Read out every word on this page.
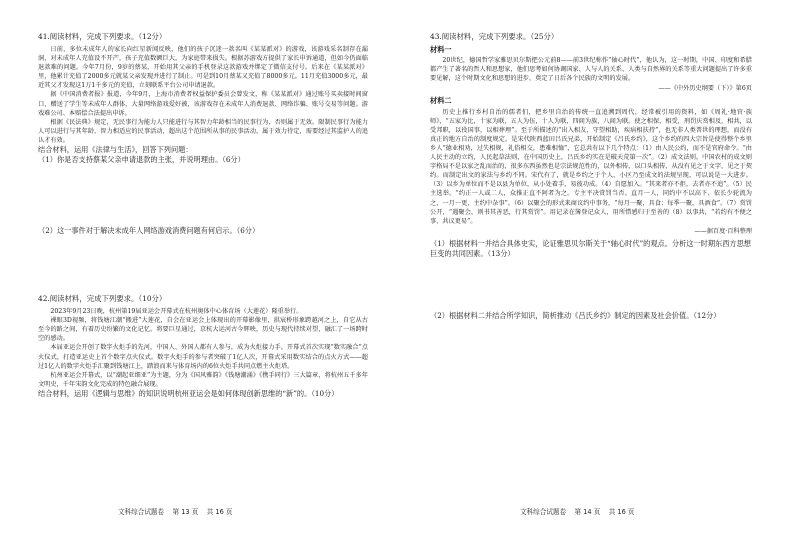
41.阅读材料，完成下列要求。（12分）

日前，多位未成年人的家长向红星新闻反映，他们的孩子沉迷一款名叫《某某派对》的游戏，该游戏采名制存在漏洞，对未成年人充值设不开产，孩子充值数额巨大，为家庭带来损失。根据苏游戏方提供了家长申诉通道，但如今仍面临退款难的问题。今年7月份，9岁的蔡某，开始用其父亲的手机登录这款游戏并绑定了微信支付号。后来在《某某派对》里，他累计充值了2000多元就某父亲发现并进行了制止。可是到10月蔡某又充值了8000多元。11月充值3000多元，最近其父才发现这1万1千多元的充值，立刻联系平台公司申请退款。

据《中国消费者报》报道，今年9月，上海市消费者权益保护委员会曾发文，称《某某派对》通过账号买卖接时间窗口，赠送了学生等未成年人群体，大量网络游戏爱好被，该游戏存在未成年人消费退款、网络诈骗、账号交易等问题。游戏难公司、本赔偿合法提出申诉。

根据《民法典》规定，无民事行为能力人只能进行与其智力年龄相当的民事行为，否则属于无效。限制民事行为能力人可以进行与其年龄、智力相适应的民事活动，超出这个范围所从事的民事活动，属于效力待定，需要经过其监护人的追认才有效。

结合材料，运用《法律与生活》，回答下列问题：
（1）你是否支持蔡某父亲申请退款的主张，并说明理由。（6分）
（2）这一事件对于解决未成年人网络游戏消费问题有何启示。（6分）
42.阅读材料，完成下列要求。（10分）

2023年9月23日晚，杭州第19届亚运会开幕式在杭州奥体中心体育场（大莲花）隆重举行。

裸眼3D视频，将钱塘江潮“搬进”大莲花，自会在亚运会上体现出的开幕影像里，拱宸桥形象跨越河之上，自它从古至今的路之间，有着历史纷繁的文化记忆。将要巨星通过，京杭大运河古今辉映，历史与现代持续对望，融汇了一场跨时空的感动。

本届亚运会开创了数字火炬手的先河，中国人、外国人都有人参与，成为火炬接力手。开幕式首次实现“数实融合”点火仪式，打造亚运史上首个数字点火仪式。数字火炬手的参与者突破了1亿人次，开幕式采用数实结合的点火方式——超过1亿人的数字火炬手汇聚到钱塘江上，踏浪而来与体育场内的6位火炬手共同点燃主火炬塔。

杭州亚运会开幕式，以“潮起亚细亚”为主题，分为《国风雅韵》《钱塘潮涌》《携手同行》三大篇章，将杭州五千多年文明史，千年宋韵文化完成的特色融合展现。

结合材料，运用《逻辑与思维》的知识说明杭州亚运会是如何体现创新思维的“新”的。（10分）
文科综合试题卷    第 13 页    共 16 页
43.阅读材料，完成下列要求。（25分）
材料一

20世纪，德国哲学家雅思贝尔斯把公元前8——前3世纪称作“轴心时代”，他认为，这一时期，中国、印度和希腊都产生了著名的哲人和思想家，他们思考如何协调国家、人与人的关系、人类与自然界的关系等重大问题提出了许多重要见解，这个时期文化和思想的进步，奠定了日后各个民族的文明的发展。

——《中外历史纲要（下）》第6页
材料二

历史上推行乡村自治的儒者们，把乡里自治的传统一直追溯到周代，经常被引用的资料，如《周礼·地官·族师》，“五家为比，十家为联，五人为伍，十人为联，四闾为族，八闾为联。使之相保，相受，刑罚庆赏相及，相共，以受邦职，以役国事，以相葬埋”。至于所描述的“出入相友，守望相助，疾病相扶持”，也无非人类普世的理想，而没有真正的地方自治的制度规定。是宋代陕西蓝田吕氏兄弟，开始制定《吕氏乡约》，这个乡约的四大宗旨是使得整个乡里乡人“德业相劝，过失相规，礼俗相交，患难相恤”，它总共有以下几个特点：（1）由人民公约，而不是官府命令。“由人民主动的立约，人民起草法则，在中国历史上，吕氏乡约实在是破天荒第一次”。（2）成文法则。中国农村的成文则字格局不是以家之乱而治的，很多东西虽然也是宗法规范性的，以外相传，以口头相传，从没有见之于文字，见之于契约。而制定出文的家法与乡约不同。宋代有了，就是乡约之于个人、小区乃至成文的法规呈现，可以说是一大进步。（3）以乡为单位而不是以县为单位，从小处着手，易彼功成。（4）自愿加入。“其来者亦不拒，去者亦不追”。（5）民主选举。“约正一人或二人，众推正直不阿者为之。专主平决赏罚当否。直月一人，同约中不以高下、依长少轮流为之，一月一更，主约中杂事”。（6）以聚会的形式来商议约中事务，“每月一聚，具食；每季一聚，具酒食”。（7）赏罚公开，“遇聚会，则书其善恶，行其赏罚”。用记录在簿登记众人，用所惜感归于至善的（8）以事共，“若约有不便之事，共议更易”。

——据百度·百科整理
（1）根据材料一并结合具体史实，论证雅思贝尔斯关于“轴心时代”的观点。分析这一时期东西方思想巨变的共同因素。（13分）
（2）根据材料二并结合所学知识，简析推动《吕氏乡约》制定的因素及社会价值。（12分）
文科综合试题卷    第 14 页    共 16 页
